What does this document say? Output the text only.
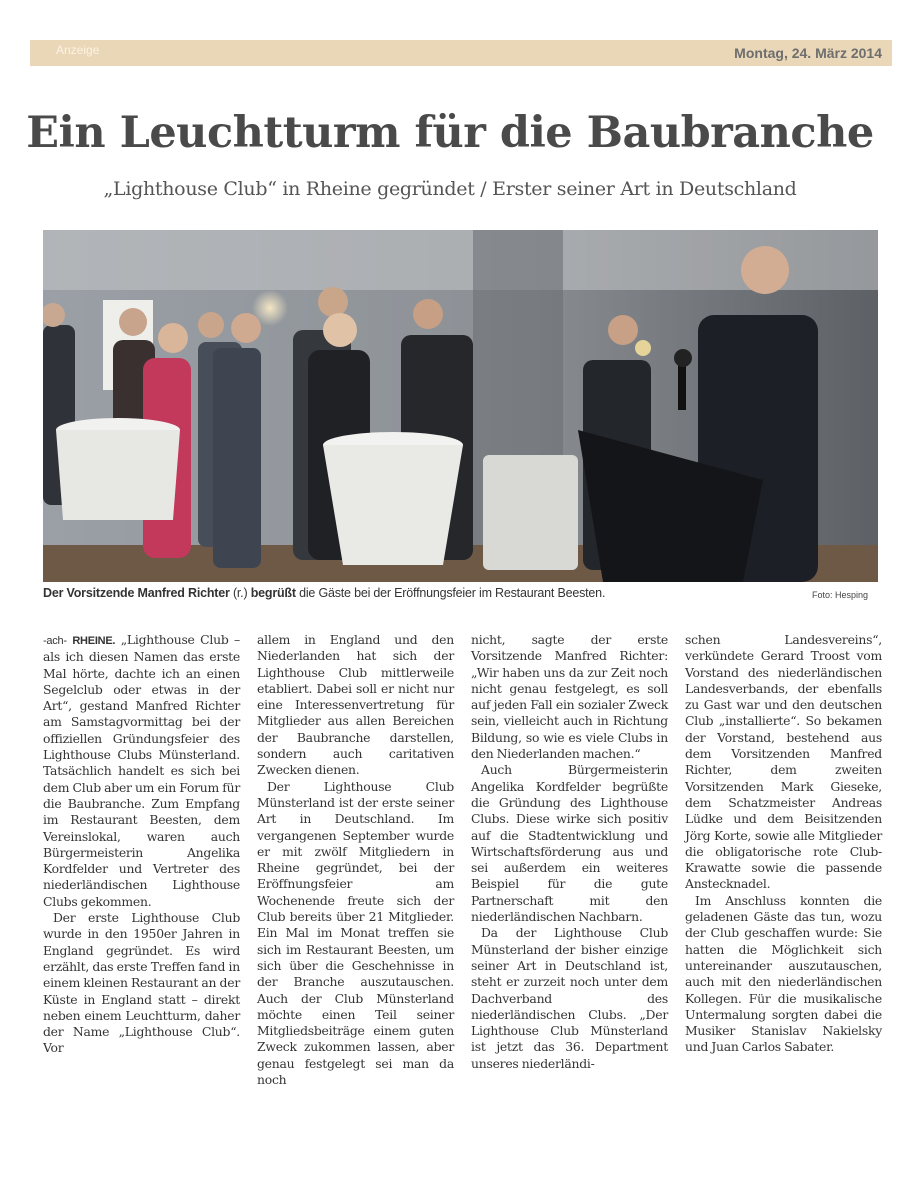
Anzeige	Montag, 24. März 2014
Ein Leuchtturm für die Baubranche
„Lighthouse Club“ in Rheine gegründet / Erster seiner Art in Deutschland
Der Vorsitzende Manfred Richter (r.) begrüßt die Gäste bei der Eröffnungsfeier im Restaurant Beesten.	Foto: Hesping

-ach- RHEINE. „Lighthouse Club – als ich diesen Namen das erste Mal hörte, dachte ich an einen Segelclub oder etwas in der Art“, gestand Manfred Richter am Samstagvormittag bei der offiziellen Gründungsfeier des Lighthouse Clubs Münsterland. Tatsächlich handelt es sich bei dem Club aber um ein Forum für die Baubranche. Zum Empfang im Restaurant Beesten, dem Vereinslokal, waren auch Bürgermeisterin Angelika Kordfelder und Vertreter des niederländischen Lighthouse Clubs gekommen.

Der erste Lighthouse Club wurde in den 1950er Jahren in England gegründet. Es wird erzählt, das erste Treffen fand in einem kleinen Restaurant an der Küste in England statt – direkt neben einem Leuchtturm, daher der Name „Lighthouse Club“. Vor

allem in England und den Niederlanden hat sich der Lighthouse Club mittlerweile etabliert. Dabei soll er nicht nur eine Interessenvertretung für Mitglieder aus allen Bereichen der Baubranche darstellen, sondern auch caritativen Zwecken dienen.

Der Lighthouse Club Münsterland ist der erste seiner Art in Deutschland. Im vergangenen September wurde er mit zwölf Mitgliedern in Rheine gegründet, bei der Eröffnungsfeier am Wochenende freute sich der Club bereits über 21 Mitglieder. Ein Mal im Monat treffen sie sich im Restaurant Beesten, um sich über die Geschehnisse in der Branche auszutauschen. Auch der Club Münsterland möchte einen Teil seiner Mitgliedsbeiträge einem guten Zweck zukommen lassen, aber genau festgelegt sei man da noch

nicht, sagte der erste Vorsitzende Manfred Richter: „Wir haben uns da zur Zeit noch nicht genau festgelegt, es soll auf jeden Fall ein sozialer Zweck sein, vielleicht auch in Richtung Bildung, so wie es viele Clubs in den Niederlanden machen.“

Auch Bürgermeisterin Angelika Kordfelder begrüßte die Gründung des Lighthouse Clubs. Diese wirke sich positiv auf die Stadtentwicklung und Wirtschaftsförderung aus und sei außerdem ein weiteres Beispiel für die gute Partnerschaft mit den niederländischen Nachbarn.

Da der Lighthouse Club Münsterland der bisher einzige seiner Art in Deutschland ist, steht er zurzeit noch unter dem Dachverband des niederländischen Clubs. „Der Lighthouse Club Münsterland ist jetzt das 36. Department unseres niederländi-

schen Landesvereins“, verkündete Gerard Troost vom Vorstand des niederländischen Landesverbands, der ebenfalls zu Gast war und den deutschen Club „installierte“. So bekamen der Vorstand, bestehend aus dem Vorsitzenden Manfred Richter, dem zweiten Vorsitzenden Mark Gieseke, dem Schatzmeister Andreas Lüdke und dem Beisitzenden Jörg Korte, sowie alle Mitglieder die obligatorische rote Club-Krawatte sowie die passende Anstecknadel.

Im Anschluss konnten die geladenen Gäste das tun, wozu der Club geschaffen wurde: Sie hatten die Möglichkeit sich untereinander auszutauschen, auch mit den niederländischen Kollegen. Für die musikalische Untermalung sorgten dabei die Musiker Stanislav Nakielsky und Juan Carlos Sabater.
